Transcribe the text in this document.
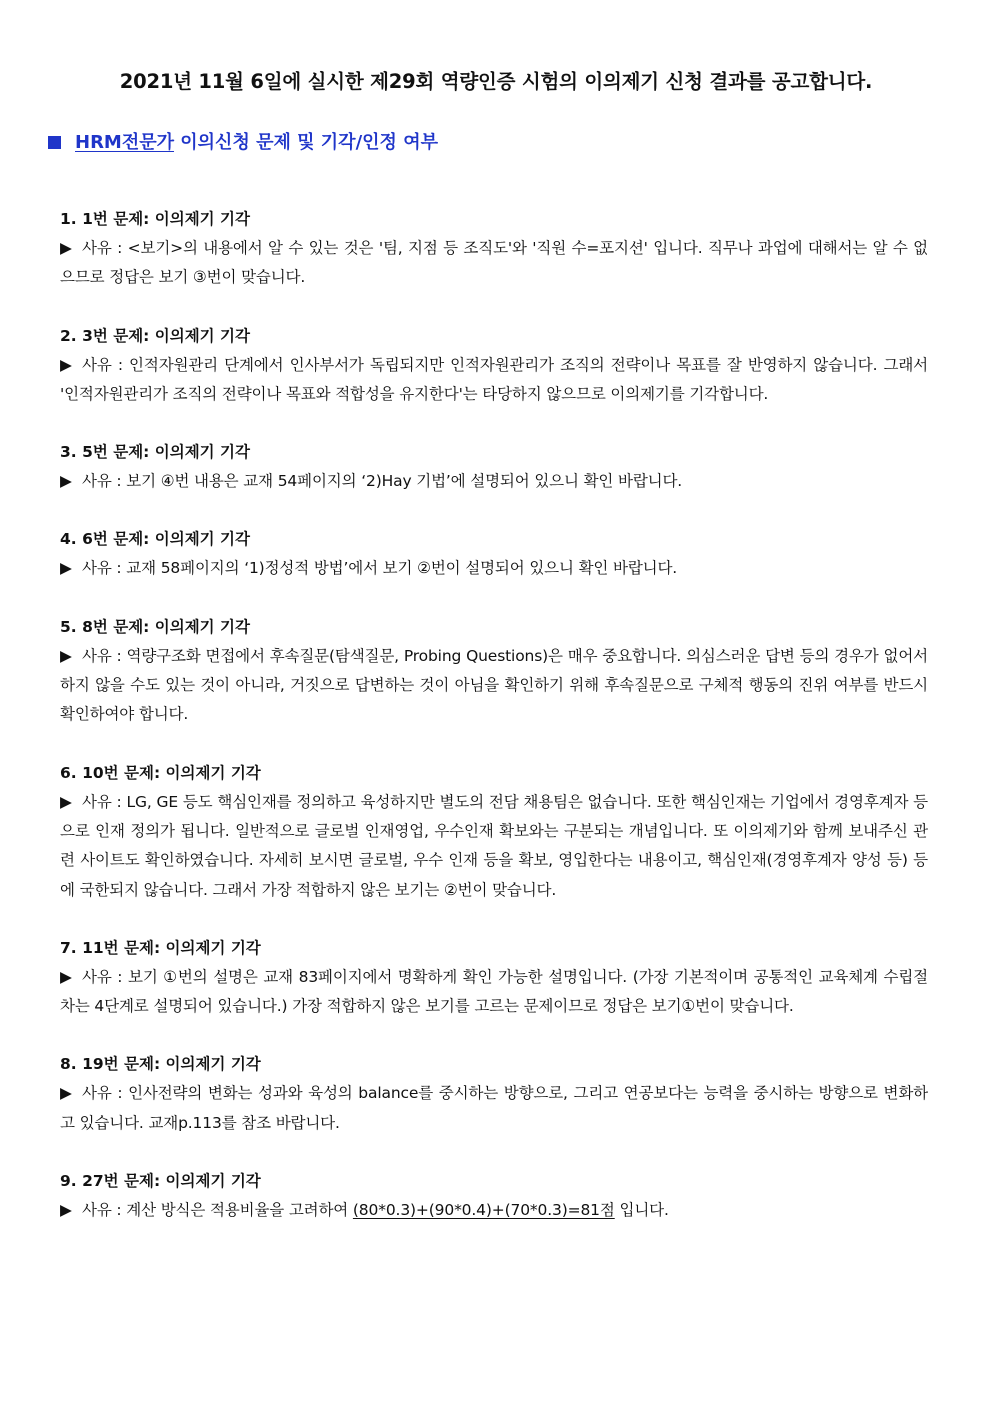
2021년 11월 6일에 실시한 제29회 역량인증 시험의 이의제기 신청 결과를 공고합니다.
HRM전문가 이의신청 문제 및 기각/인정 여부
1. 1번 문제: 이의제기 기각
▶ 사유 : <보기>의 내용에서 알 수 있는 것은 '팀, 지점 등 조직도'와 '직원 수=포지션' 입니다. 직무나 과업에 대해서는 알 수 없으므로 정답은 보기 ③번이 맞습니다.
2. 3번 문제: 이의제기 기각
▶ 사유 : 인적자원관리 단계에서 인사부서가 독립되지만 인적자원관리가 조직의 전략이나 목표를 잘 반영하지 않습니다. 그래서 '인적자원관리가 조직의 전략이나 목표와 적합성을 유지한다'는 타당하지 않으므로 이의제기를 기각합니다.
3. 5번 문제: 이의제기 기각
▶ 사유 : 보기 ④번 내용은 교재 54페이지의 ‘2)Hay 기법’에 설명되어 있으니 확인 바랍니다.
4. 6번 문제: 이의제기 기각
▶ 사유 : 교재 58페이지의 ‘1)정성적 방법’에서 보기 ②번이 설명되어 있으니 확인 바랍니다.
5. 8번 문제: 이의제기 기각
▶ 사유 : 역량구조화 면접에서 후속질문(탐색질문, Probing Questions)은 매우 중요합니다. 의심스러운 답변 등의 경우가 없어서 하지 않을 수도 있는 것이 아니라, 거짓으로 답변하는 것이 아님을 확인하기 위해 후속질문으로 구체적 행동의 진위 여부를 반드시 확인하여야 합니다.
6. 10번 문제: 이의제기 기각
▶ 사유 : LG, GE 등도 핵심인재를 정의하고 육성하지만 별도의 전담 채용팀은 없습니다. 또한 핵심인재는 기업에서 경영후계자 등으로 인재 정의가 됩니다. 일반적으로 글로벌 인재영업, 우수인재 확보와는 구분되는 개념입니다. 또 이의제기와 함께 보내주신 관련 사이트도 확인하였습니다. 자세히 보시면 글로벌, 우수 인재 등을 확보, 영입한다는 내용이고, 핵심인재(경영후계자 양성 등) 등에 국한되지 않습니다. 그래서 가장 적합하지 않은 보기는 ②번이 맞습니다.
7. 11번 문제: 이의제기 기각
▶ 사유 : 보기 ①번의 설명은 교재 83페이지에서 명확하게 확인 가능한 설명입니다. (가장 기본적이며 공통적인 교육체계 수립절차는 4단계로 설명되어 있습니다.) 가장 적합하지 않은 보기를 고르는 문제이므로 정답은 보기①번이 맞습니다.
8. 19번 문제: 이의제기 기각
▶ 사유 : 인사전략의 변화는 성과와 육성의 balance를 중시하는 방향으로, 그리고 연공보다는 능력을 중시하는 방향으로 변화하고 있습니다. 교재p.113를 참조 바랍니다.
9. 27번 문제: 이의제기 기각
▶ 사유 : 계산 방식은 적용비율을 고려하여 (80*0.3)+(90*0.4)+(70*0.3)=81점 입니다.
